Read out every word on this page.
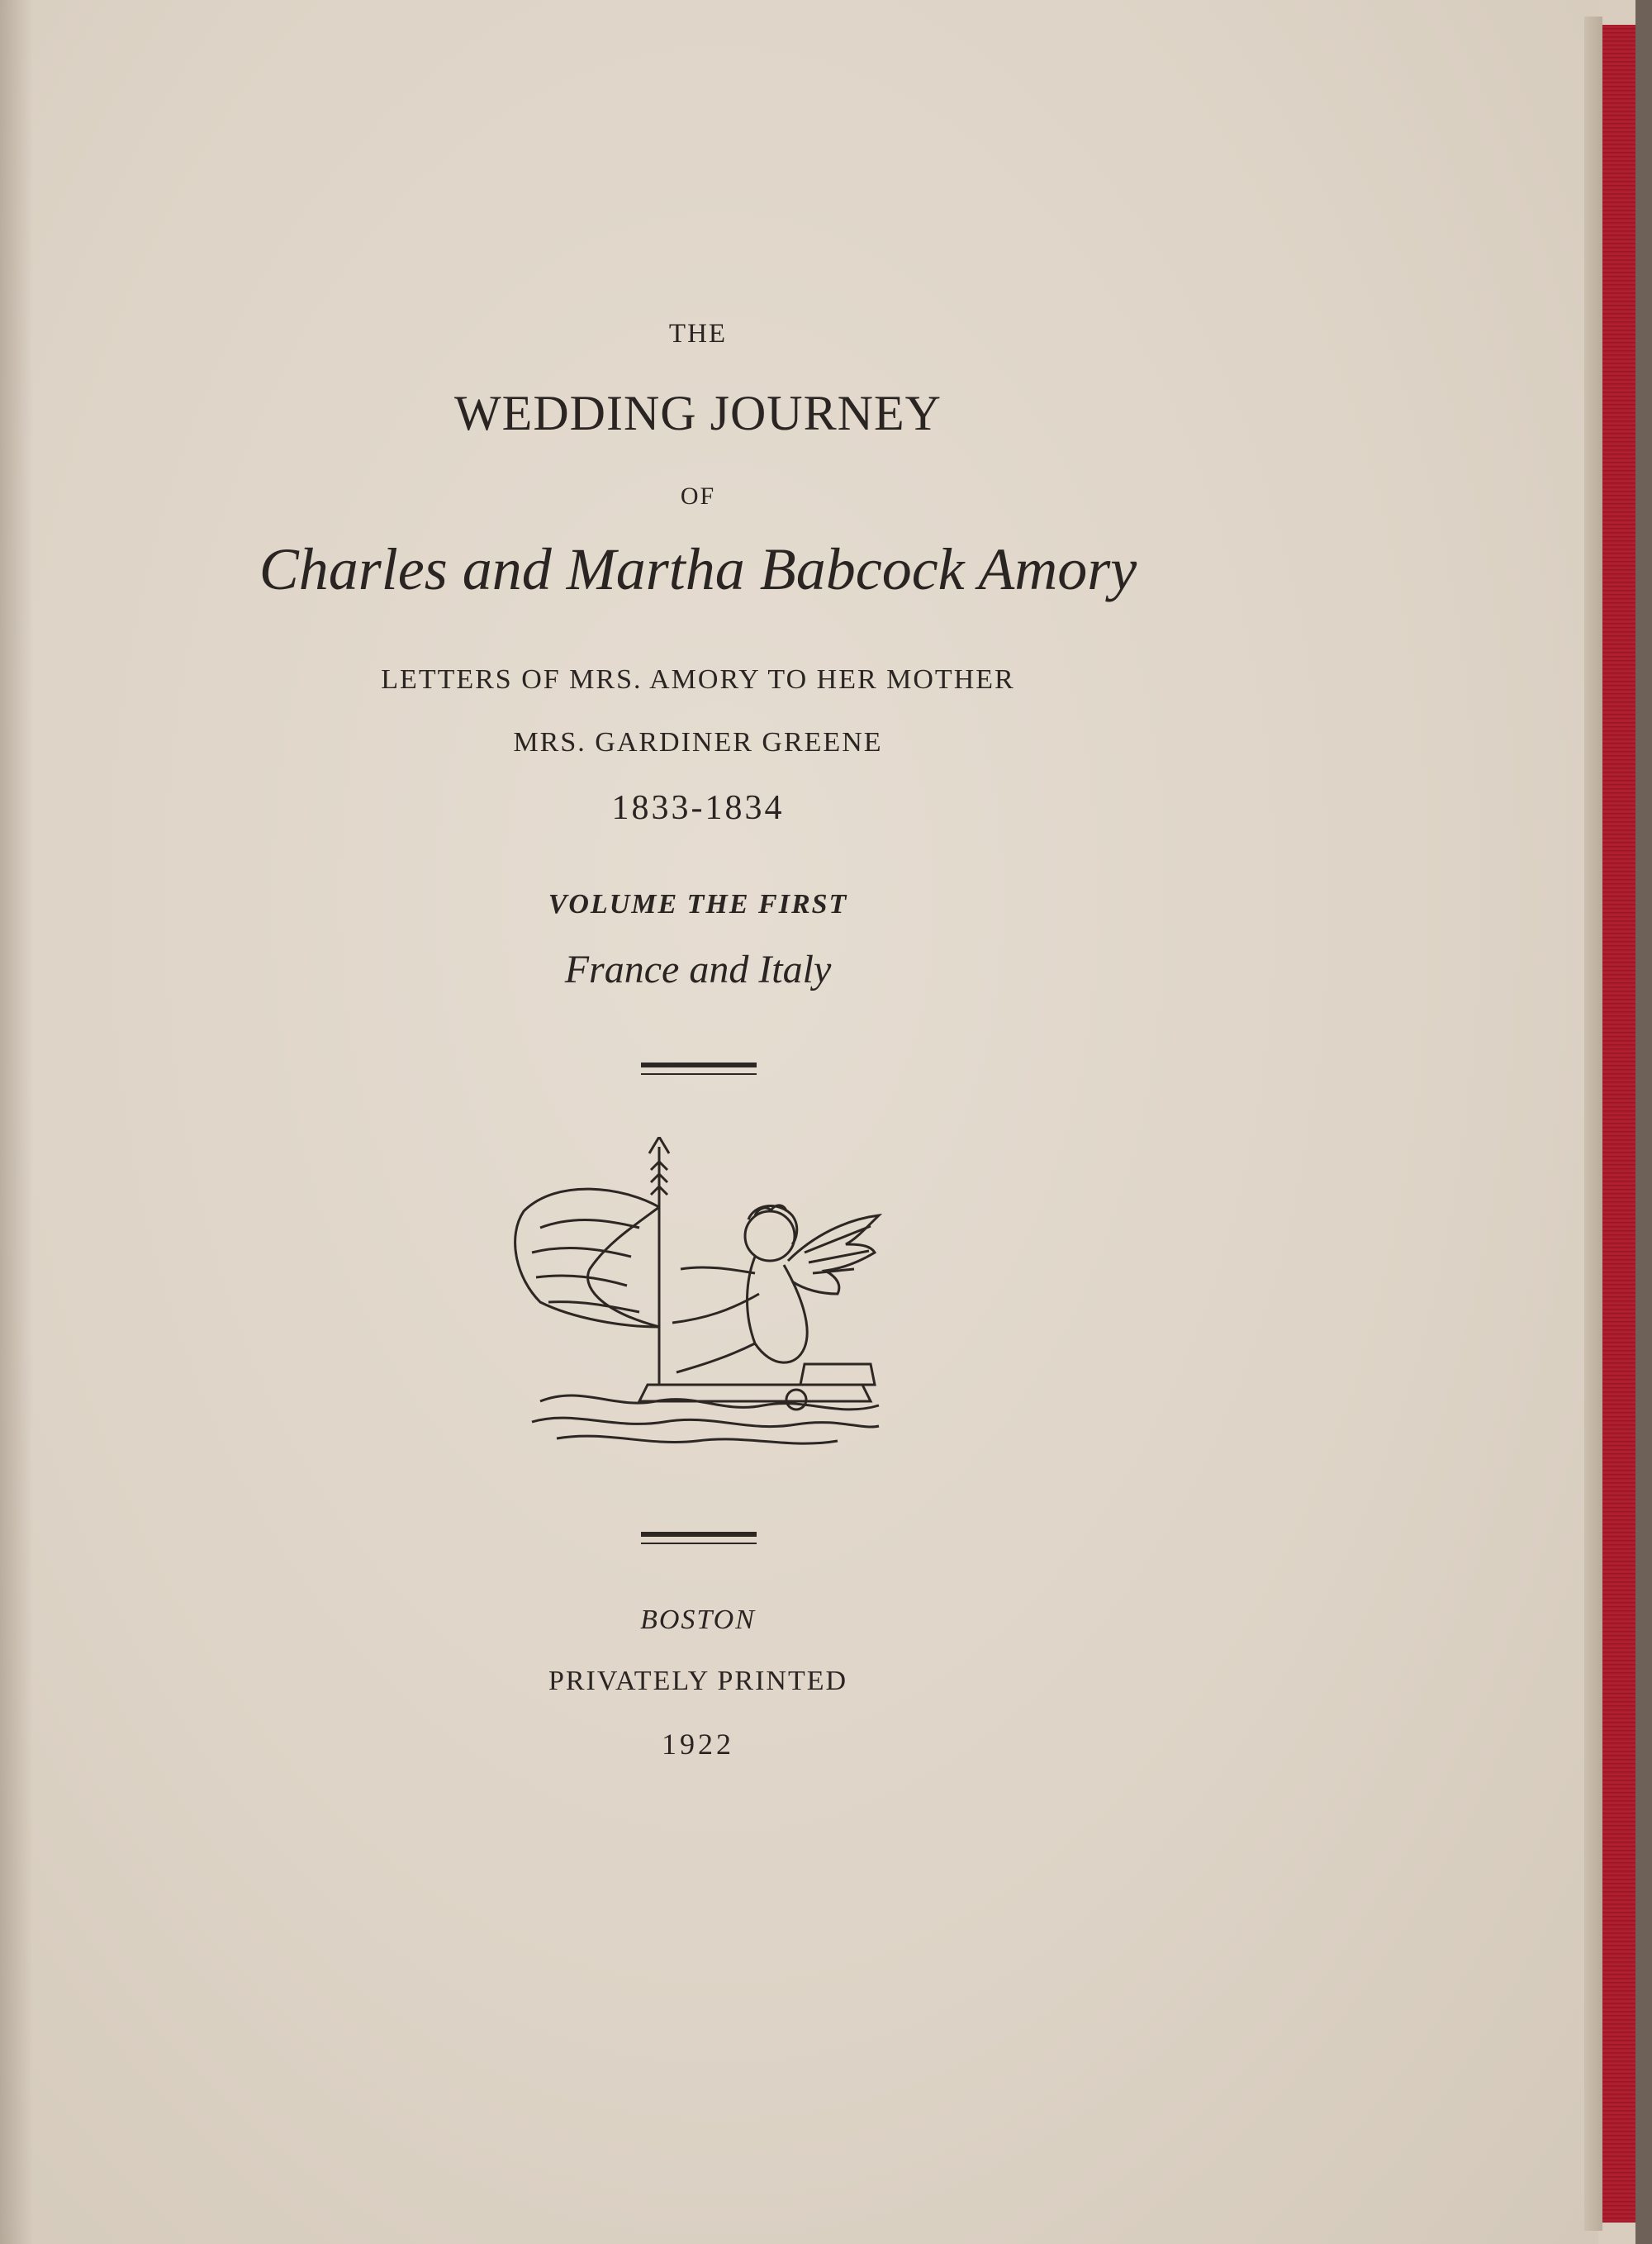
THE
WEDDING JOURNEY
OF
Charles and Martha Babcock Amory
LETTERS OF MRS. AMORY TO HER MOTHER
MRS. GARDINER GREENE
1833-1834
VOLUME THE FIRST
France and Italy
BOSTON
PRIVATELY PRINTED
1922
